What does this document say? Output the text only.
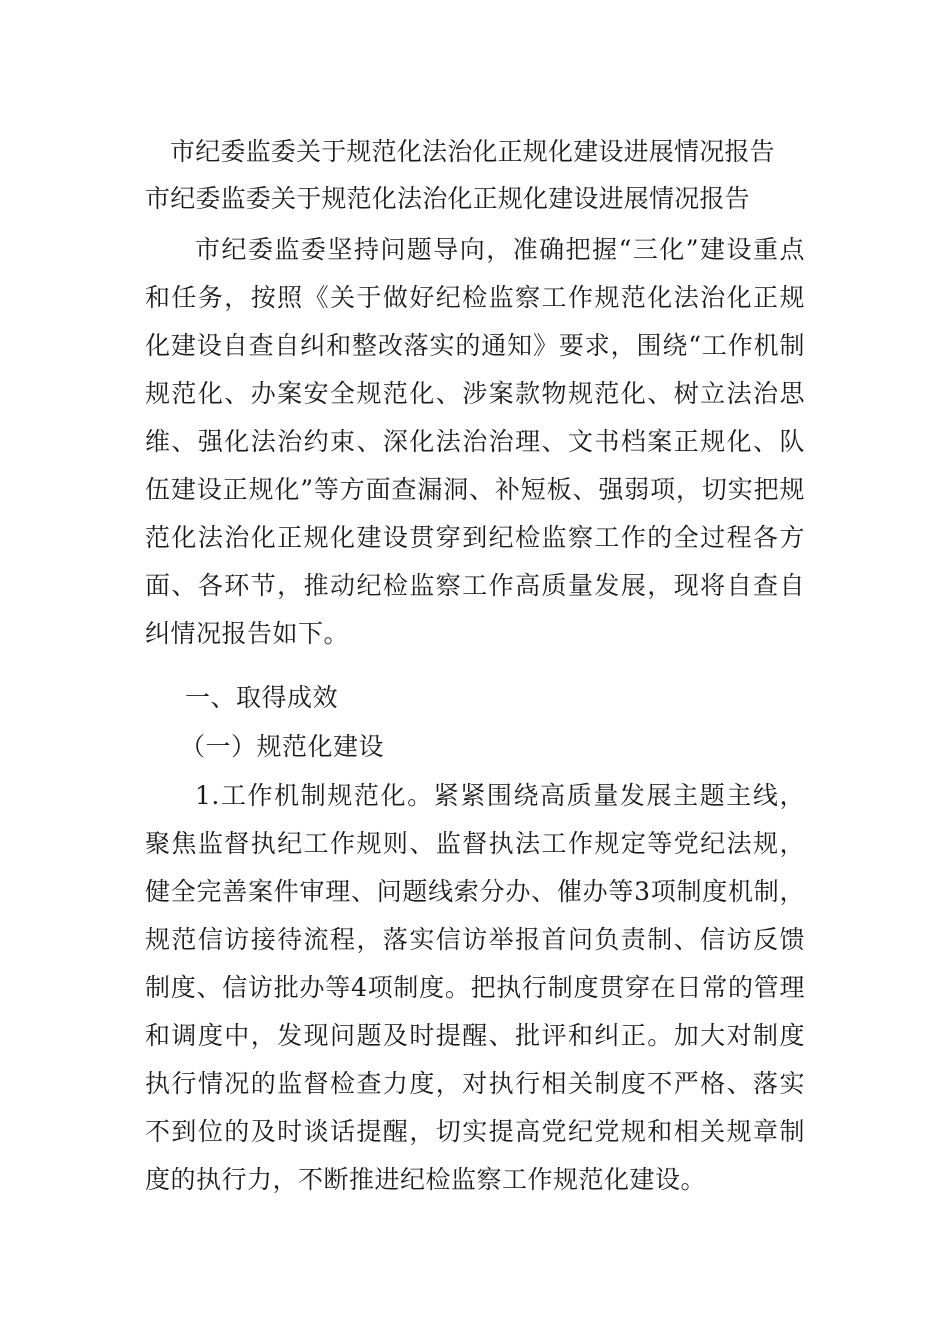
市纪委监委关于规范化法治化正规化建设进展情况报告
市纪委监委关于规范化法治化正规化建设进展情况报告

市纪委监委坚持问题导向，准确把握“三化”建设重点和任务，按照《关于做好纪检监察工作规范化法治化正规化建设自查自纠和整改落实的通知》要求，围绕“工作机制规范化、办案安全规范化、涉案款物规范化、树立法治思维、强化法治约束、深化法治治理、文书档案正规化、队伍建设正规化”等方面查漏洞、补短板、强弱项，切实把规范化法治化正规化建设贯穿到纪检监察工作的全过程各方面、各环节，推动纪检监察工作高质量发展，现将自查自纠情况报告如下。

一、取得成效

（一）规范化建设

1.工作机制规范化。紧紧围绕高质量发展主题主线，聚焦监督执纪工作规则、监督执法工作规定等党纪法规，健全完善案件审理、问题线索分办、催办等3项制度机制，规范信访接待流程，落实信访举报首问负责制、信访反馈制度、信访批办等4项制度。把执行制度贯穿在日常的管理和调度中，发现问题及时提醒、批评和纠正。加大对制度执行情况的监督检查力度，对执行相关制度不严格、落实不到位的及时谈话提醒，切实提高党纪党规和相关规章制度的执行力，不断推进纪检监察工作规范化建设。
